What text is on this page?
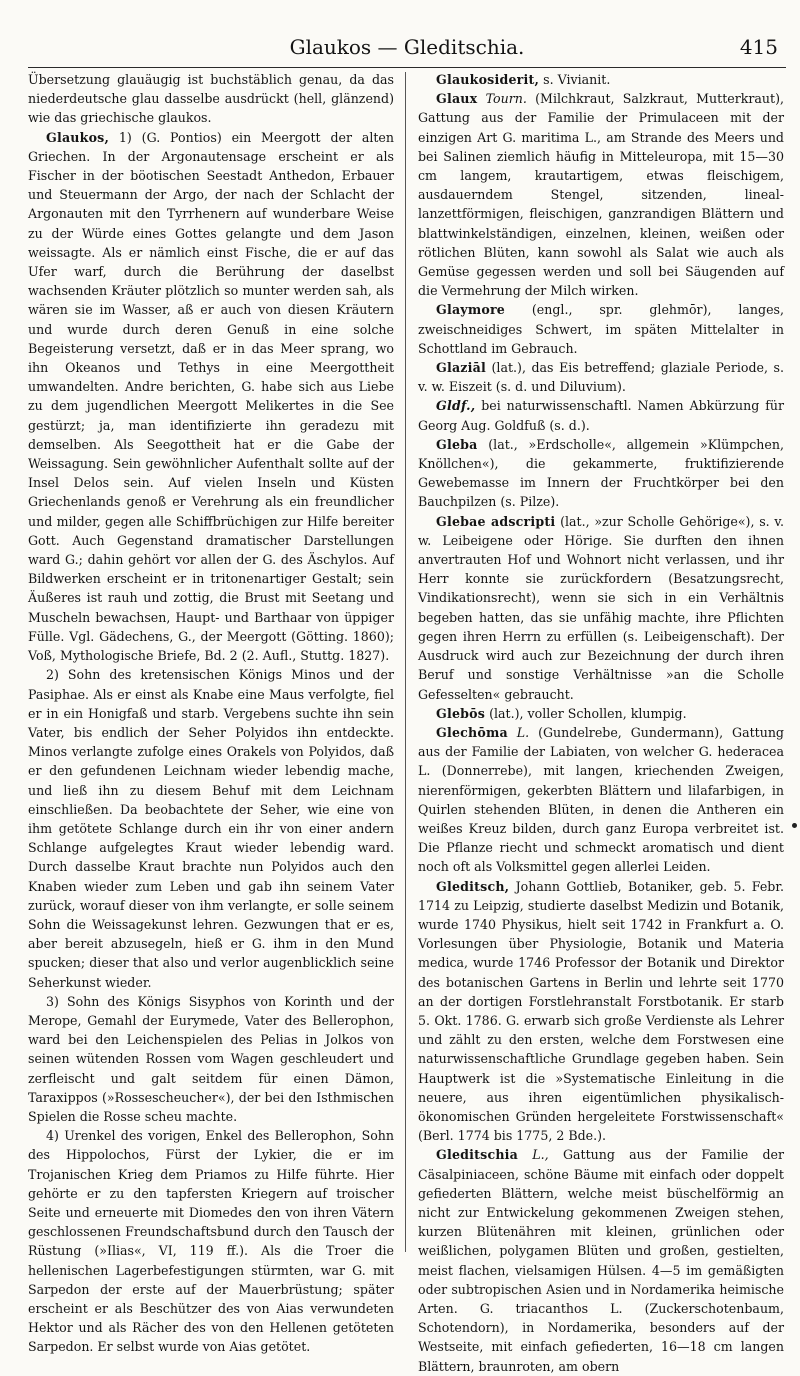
Glaukos — Gleditschia.	415

Übersetzung glauäugig ist buchstäblich genau, da das niederdeutsche glau dasselbe ausdrückt (hell, glänzend) wie das griechische glaukos.

Glaukos, 1) (G. Pontios) ein Meergott der alten Griechen. In der Argonautensage erscheint er als Fischer in der böotischen Seestadt Anthedon, Erbauer und Steuermann der Argo, der nach der Schlacht der Argonauten mit den Tyrrhenern auf wunderbare Weise zu der Würde eines Gottes gelangte und dem Jason weissagte. Als er nämlich einst Fische, die er auf das Ufer warf, durch die Berührung der daselbst wachsenden Kräuter plötzlich so munter werden sah, als wären sie im Wasser, aß er auch von diesen Kräutern und wurde durch deren Genuß in eine solche Begeisterung versetzt, daß er in das Meer sprang, wo ihn Okeanos und Tethys in eine Meergottheit umwandelten. Andre berichten, G. habe sich aus Liebe zu dem jugendlichen Meergott Melikertes in die See gestürzt; ja, man identifizierte ihn geradezu mit demselben. Als Seegottheit hat er die Gabe der Weissagung. Sein gewöhnlicher Aufenthalt sollte auf der Insel Delos sein. Auf vielen Inseln und Küsten Griechenlands genoß er Verehrung als ein freundlicher und milder, gegen alle Schiffbrüchigen zur Hilfe bereiter Gott. Auch Gegenstand dramatischer Darstellungen ward G.; dahin gehört vor allen der G. des Äschylos. Auf Bildwerken erscheint er in tritonenartiger Gestalt; sein Äußeres ist rauh und zottig, die Brust mit Seetang und Muscheln bewachsen, Haupt- und Barthaar von üppiger Fülle. Vgl. Gädechens, G., der Meergott (Götting. 1860); Voß, Mythologische Briefe, Bd. 2 (2. Aufl., Stuttg. 1827).

2) Sohn des kretensischen Königs Minos und der Pasiphae. Als er einst als Knabe eine Maus verfolgte, fiel er in ein Honigfaß und starb. Vergebens suchte ihn sein Vater, bis endlich der Seher Polyidos ihn entdeckte. Minos verlangte zufolge eines Orakels von Polyidos, daß er den gefundenen Leichnam wieder lebendig mache, und ließ ihn zu diesem Behuf mit dem Leichnam einschließen. Da beobachtete der Seher, wie eine von ihm getötete Schlange durch ein ihr von einer andern Schlange aufgelegtes Kraut wieder lebendig ward. Durch dasselbe Kraut brachte nun Polyidos auch den Knaben wieder zum Leben und gab ihn seinem Vater zurück, worauf dieser von ihm verlangte, er solle seinem Sohn die Weissagekunst lehren. Gezwungen that er es, aber bereit abzusegeln, hieß er G. ihm in den Mund spucken; dieser that also und verlor augenblicklich seine Seherkunst wieder.

3) Sohn des Königs Sisyphos von Korinth und der Merope, Gemahl der Eurymede, Vater des Bellerophon, ward bei den Leichenspielen des Pelias in Jolkos von seinen wütenden Rossen vom Wagen geschleudert und zerfleischt und galt seitdem für einen Dämon, Taraxippos (»Rossescheucher«), der bei den Isthmischen Spielen die Rosse scheu machte.

4) Urenkel des vorigen, Enkel des Bellerophon, Sohn des Hippolochos, Fürst der Lykier, die er im Trojanischen Krieg dem Priamos zu Hilfe führte. Hier gehörte er zu den tapfersten Kriegern auf troischer Seite und erneuerte mit Diomedes den von ihren Vätern geschlossenen Freundschaftsbund durch den Tausch der Rüstung (»Ilias«, VI, 119 ff.). Als die Troer die hellenischen Lagerbefestigungen stürmten, war G. mit Sarpedon der erste auf der Mauerbrüstung; später erscheint er als Beschützer des von Aias verwundeten Hektor und als Rächer des von den Hellenen getöteten Sarpedon. Er selbst wurde von Aias getötet.

Glaukosiderit, s. Vivianit.

Glaux Tourn. (Milchkraut, Salzkraut, Mutterkraut), Gattung aus der Familie der Primulaceen mit der einzigen Art G. maritima L., am Strande des Meers und bei Salinen ziemlich häufig in Mitteleuropa, mit 15—30 cm langem, krautartigem, etwas fleischigem, ausdauerndem Stengel, sitzenden, lineal-lanzettförmigen, fleischigen, ganzrandigen Blättern und blattwinkelständigen, einzelnen, kleinen, weißen oder rötlichen Blüten, kann sowohl als Salat wie auch als Gemüse gegessen werden und soll bei Säugenden auf die Vermehrung der Milch wirken.

Glaymore (engl., spr. glehmōr), langes, zweischneidiges Schwert, im späten Mittelalter in Schottland im Gebrauch.

Glaziāl (lat.), das Eis betreffend; glaziale Periode, s. v. w. Eiszeit (s. d. und Diluvium).

Gldf., bei naturwissenschaftl. Namen Abkürzung für Georg Aug. Goldfuß (s. d.).

Gleba (lat., »Erdscholle«, allgemein »Klümpchen, Knöllchen«), die gekammerte, fruktifizierende Gewebemasse im Innern der Fruchtkörper bei den Bauchpilzen (s. Pilze).

Glebae adscripti (lat., »zur Scholle Gehörige«), s. v. w. Leibeigene oder Hörige. Sie durften den ihnen anvertrauten Hof und Wohnort nicht verlassen, und ihr Herr konnte sie zurückfordern (Besatzungsrecht, Vindikationsrecht), wenn sie sich in ein Verhältnis begeben hatten, das sie unfähig machte, ihre Pflichten gegen ihren Herrn zu erfüllen (s. Leibeigenschaft). Der Ausdruck wird auch zur Bezeichnung der durch ihren Beruf und sonstige Verhältnisse »an die Scholle Gefesselten« gebraucht.

Glebōs (lat.), voller Schollen, klumpig.

Glechōma L. (Gundelrebe, Gundermann), Gattung aus der Familie der Labiaten, von welcher G. hederacea L. (Donnerrebe), mit langen, kriechenden Zweigen, nierenförmigen, gekerbten Blättern und lilafarbigen, in Quirlen stehenden Blüten, in denen die Antheren ein weißes Kreuz bilden, durch ganz Europa verbreitet ist. Die Pflanze riecht und schmeckt aromatisch und dient noch oft als Volksmittel gegen allerlei Leiden.

Gleditsch, Johann Gottlieb, Botaniker, geb. 5. Febr. 1714 zu Leipzig, studierte daselbst Medizin und Botanik, wurde 1740 Physikus, hielt seit 1742 in Frankfurt a. O. Vorlesungen über Physiologie, Botanik und Materia medica, wurde 1746 Professor der Botanik und Direktor des botanischen Gartens in Berlin und lehrte seit 1770 an der dortigen Forstlehranstalt Forstbotanik. Er starb 5. Okt. 1786. G. erwarb sich große Verdienste als Lehrer und zählt zu den ersten, welche dem Forstwesen eine naturwissenschaftliche Grundlage gegeben haben. Sein Hauptwerk ist die »Systematische Einleitung in die neuere, aus ihren eigentümlichen physikalisch-ökonomischen Gründen hergeleitete Forstwissenschaft« (Berl. 1774 bis 1775, 2 Bde.).

Gleditschia L., Gattung aus der Familie der Cäsalpiniaceen, schöne Bäume mit einfach oder doppelt gefiederten Blättern, welche meist büschelförmig an nicht zur Entwickelung gekommenen Zweigen stehen, kurzen Blütenähren mit kleinen, grünlichen oder weißlichen, polygamen Blüten und großen, gestielten, meist flachen, vielsamigen Hülsen. 4—5 im gemäßigten oder subtropischen Asien und in Nordamerika heimische Arten. G. triacanthos L. (Zuckerschotenbaum, Schotendorn), in Nordamerika, besonders auf der Westseite, mit einfach gefiederten, 16—18 cm langen Blättern, braunroten, am obern
